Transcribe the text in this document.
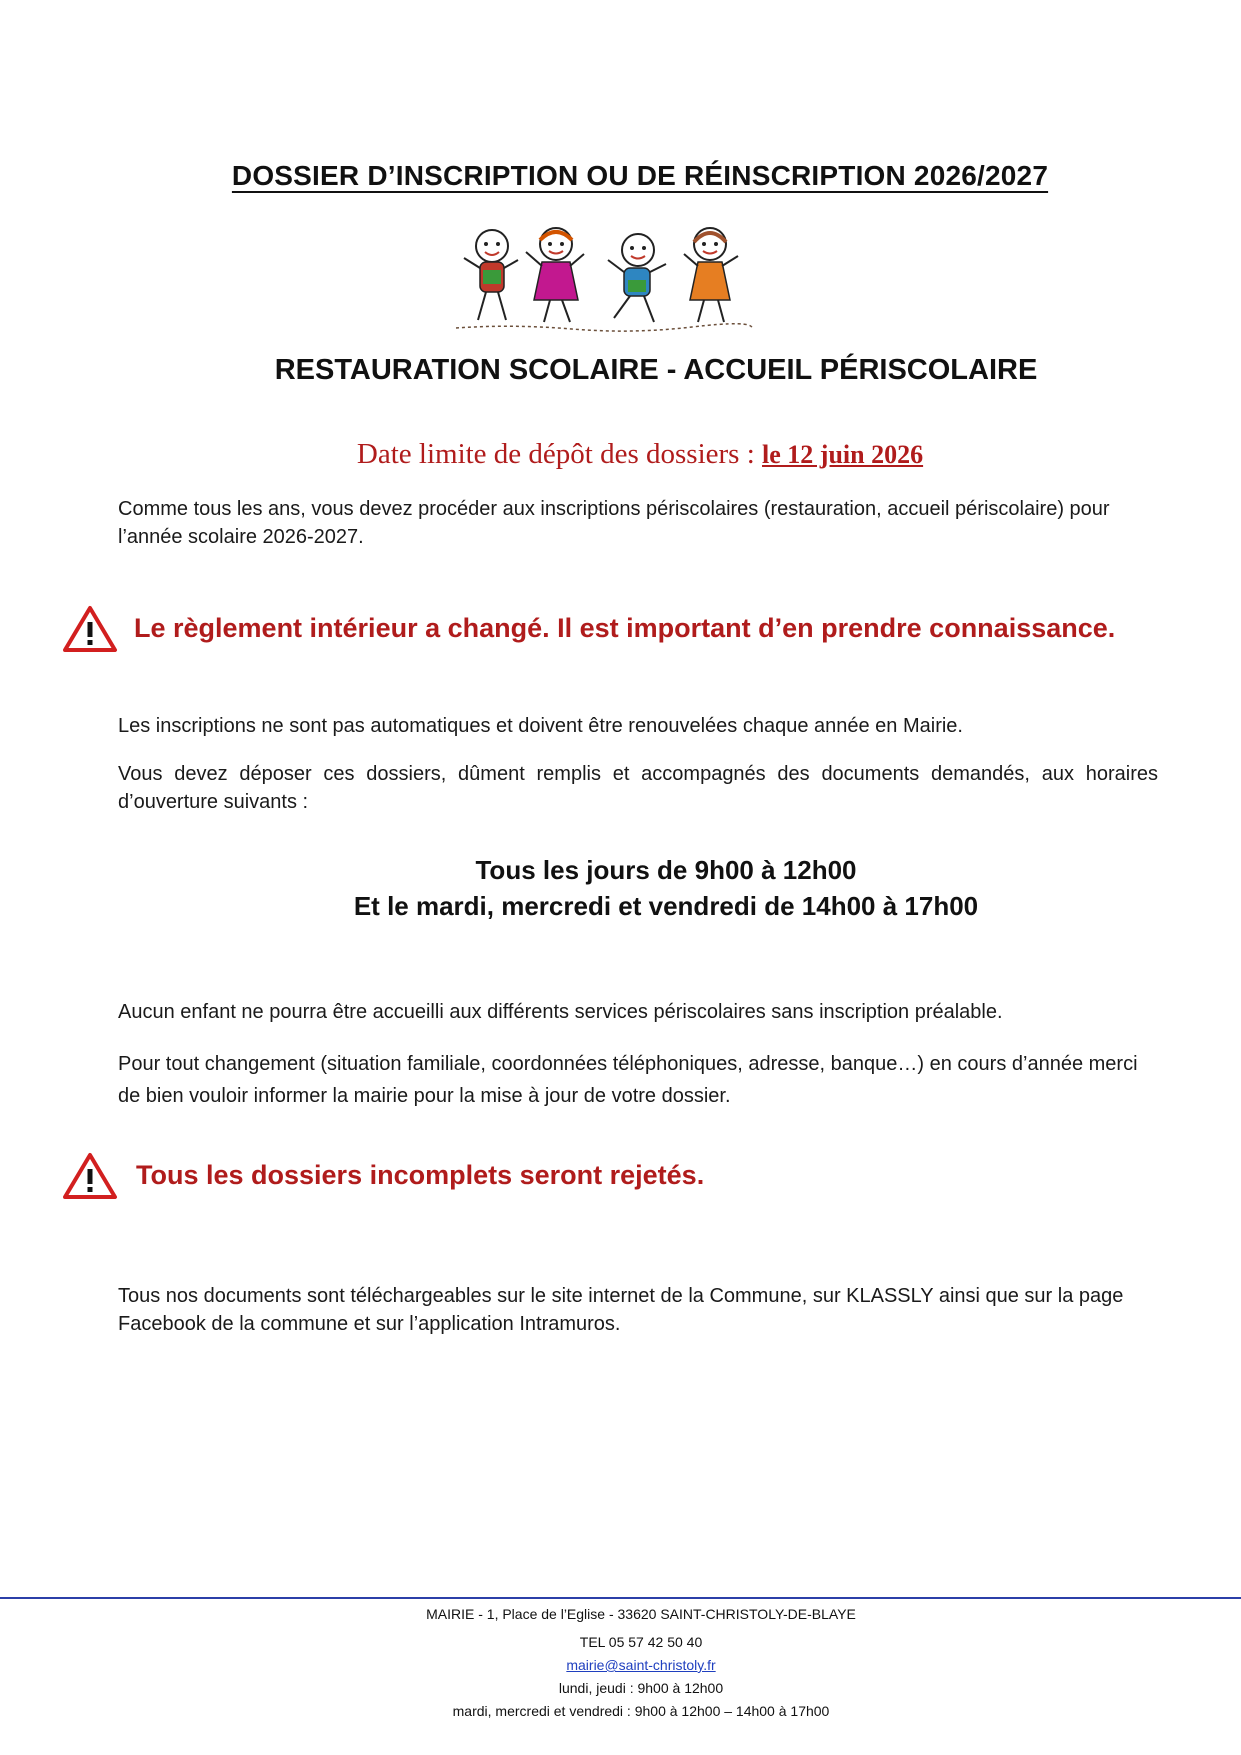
DOSSIER D’INSCRIPTION OU DE RÉINSCRIPTION 2026/2027
RESTAURATION SCOLAIRE - ACCUEIL PÉRISCOLAIRE
Date limite de dépôt des dossiers : le 12 juin 2026
Comme tous les ans, vous devez procéder aux inscriptions périscolaires (restauration, accueil périscolaire) pour l’année scolaire 2026-2027.
Le règlement intérieur a changé. Il est important d’en prendre connaissance.
Les inscriptions ne sont pas automatiques et doivent être renouvelées chaque année en Mairie.
Vous devez déposer ces dossiers, dûment remplis et accompagnés des documents demandés, aux horaires d’ouverture suivants :
Tous les jours de 9h00 à 12h00
Et le mardi, mercredi et vendredi de 14h00 à 17h00
Aucun enfant ne pourra être accueilli aux différents services périscolaires sans inscription préalable.
Pour tout changement (situation familiale, coordonnées téléphoniques, adresse, banque…) en cours d’année merci de bien vouloir informer la mairie pour la mise à jour de votre dossier.
Tous les dossiers incomplets seront rejetés.
Tous nos documents sont téléchargeables sur le site internet de la Commune, sur KLASSLY ainsi que sur la page Facebook de la commune et sur l’application Intramuros.
MAIRIE - 1, Place de l’Eglise - 33620 SAINT-CHRISTOLY-DE-BLAYE
TEL 05 57 42 50 40
mairie@saint-christoly.fr
lundi, jeudi : 9h00 à 12h00
mardi, mercredi et vendredi : 9h00 à 12h00 – 14h00 à 17h00
